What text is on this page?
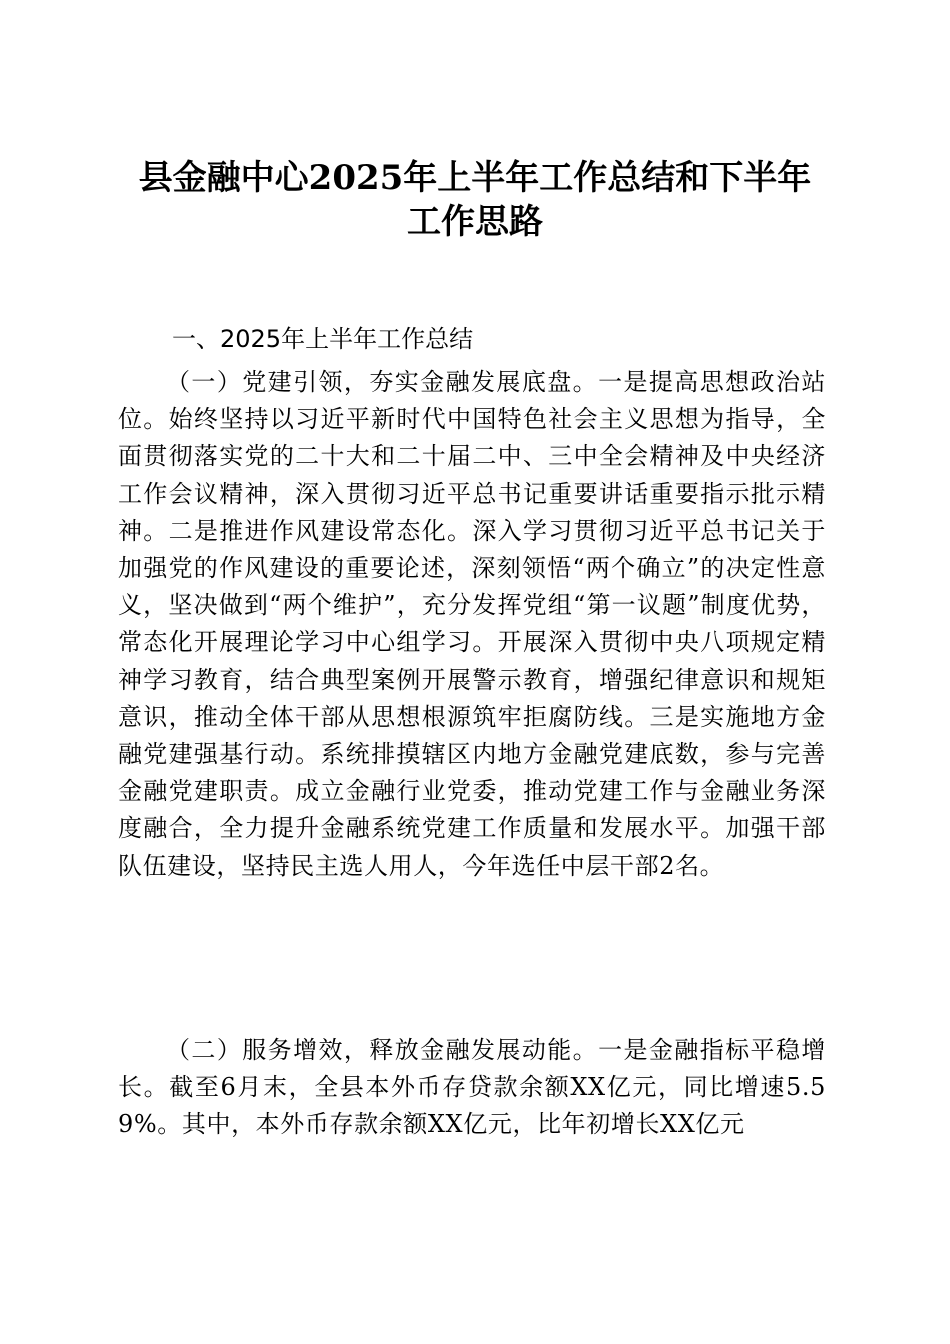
县金融中心2025年上半年工作总结和下半年
工作思路
一、2025年上半年工作总结

（一）党建引领，夯实金融发展底盘。一是提高思想政治站位。始终坚持以习近平新时代中国特色社会主义思想为指导，全面贯彻落实党的二十大和二十届二中、三中全会精神及中央经济工作会议精神，深入贯彻习近平总书记重要讲话重要指示批示精神。二是推进作风建设常态化。深入学习贯彻习近平总书记关于加强党的作风建设的重要论述，深刻领悟“两个确立”的决定性意义，坚决做到“两个维护”，充分发挥党组“第一议题”制度优势，常态化开展理论学习中心组学习。开展深入贯彻中央八项规定精神学习教育，结合典型案例开展警示教育，增强纪律意识和规矩意识，推动全体干部从思想根源筑牢拒腐防线。三是实施地方金融党建强基行动。系统排摸辖区内地方金融党建底数，参与完善金融党建职责。成立金融行业党委，推动党建工作与金融业务深度融合，全力提升金融系统党建工作质量和发展水平。加强干部队伍建设，坚持民主选人用人，今年选任中层干部2名。

（二）服务增效，释放金融发展动能。一是金融指标平稳增长。截至6月末，全县本外币存贷款余额XX亿元，同比增速5.59%。其中，本外币存款余额XX亿元，比年初增长XX亿元
